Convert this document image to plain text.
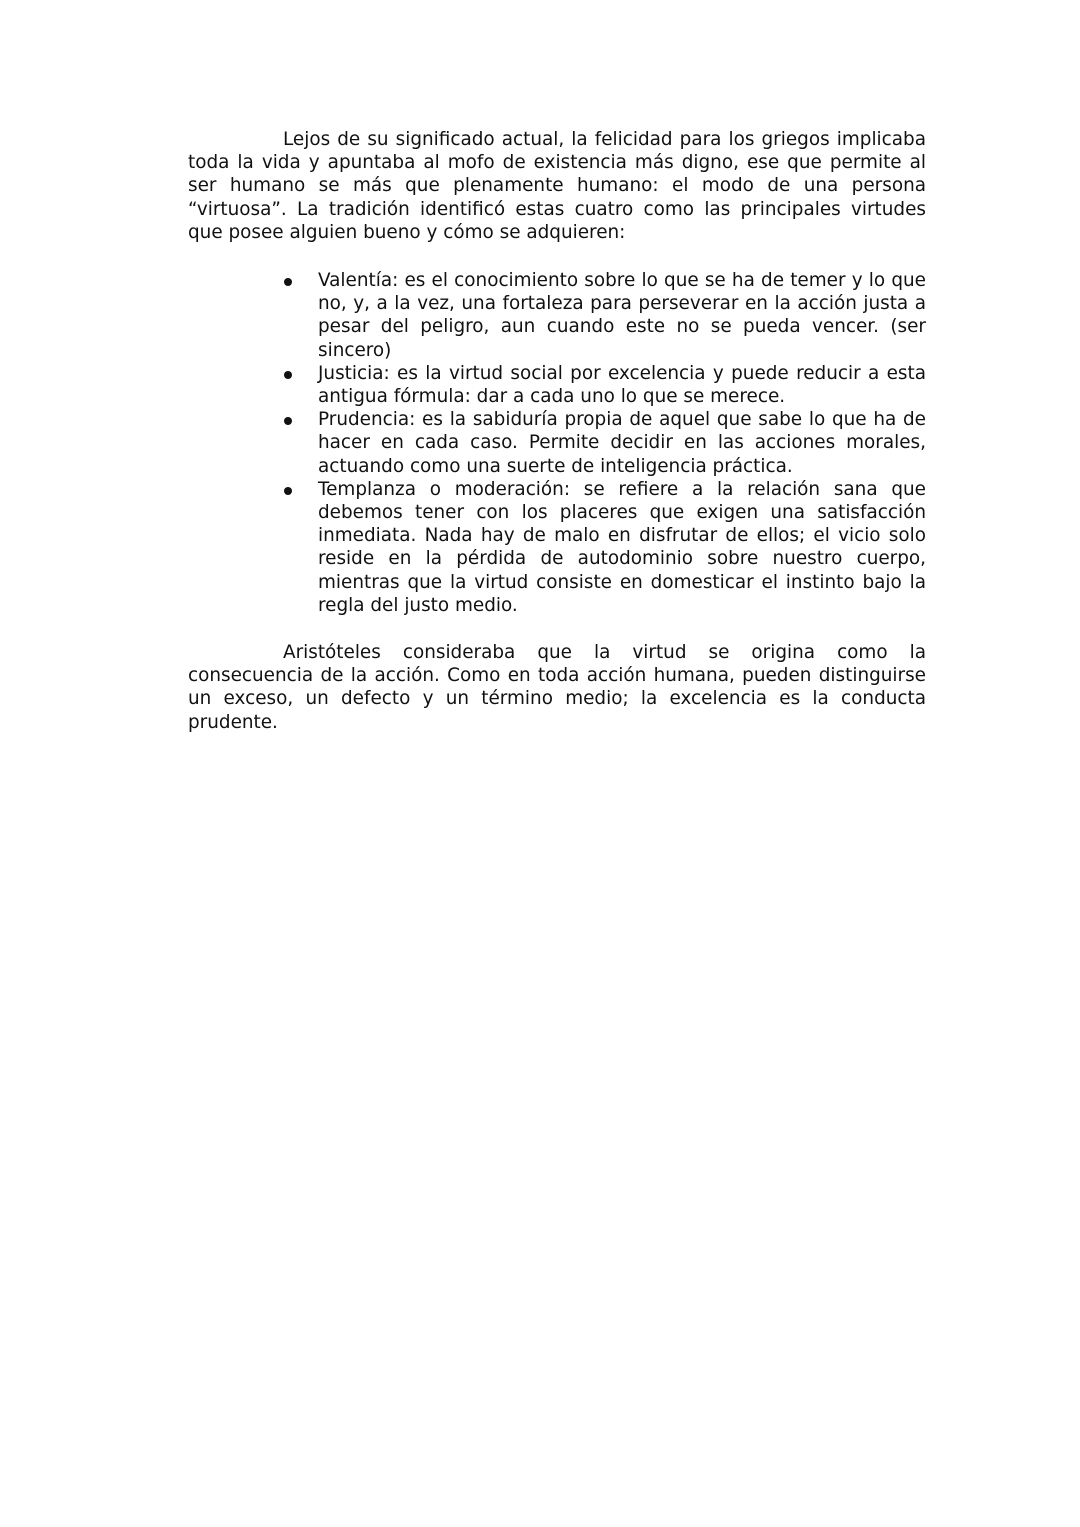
Lejos de su significado actual, la felicidad para los griegos implicaba toda la vida y apuntaba al mofo de existencia más digno, ese que permite al ser humano se más que plenamente humano: el modo de una persona “virtuosa”. La tradición identificó estas cuatro como las principales virtudes que posee alguien bueno y cómo se adquieren:

Valentía: es el conocimiento sobre lo que se ha de temer y lo que no, y, a la vez, una fortaleza para perseverar en la acción justa a pesar del peligro, aun cuando este no se pueda vencer. (ser sincero)
Justicia: es la virtud social por excelencia y puede reducir a esta antigua fórmula: dar a cada uno lo que se merece.
Prudencia: es la sabiduría propia de aquel que sabe lo que ha de hacer en cada caso. Permite decidir en las acciones morales, actuando como una suerte de inteligencia práctica.
Templanza o moderación: se refiere a la relación sana que debemos tener con los placeres que exigen una satisfacción inmediata. Nada hay de malo en disfrutar de ellos; el vicio solo reside en la pérdida de autodominio sobre nuestro cuerpo, mientras que la virtud consiste en domesticar el instinto bajo la regla del justo medio.

Aristóteles consideraba que la virtud se origina como la consecuencia de la acción. Como en toda acción humana, pueden distinguirse un exceso, un defecto y un término medio; la excelencia es la conducta prudente.
